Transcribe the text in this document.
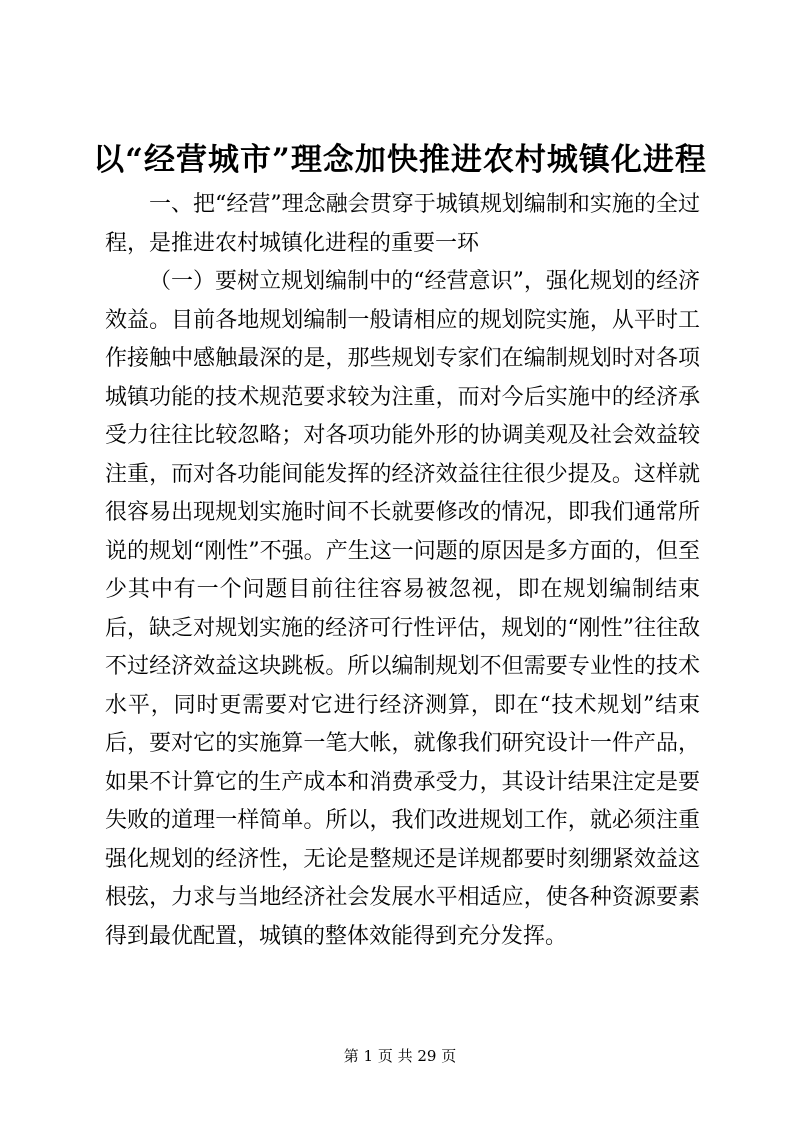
以“经营城市”理念加快推进农村城镇化进程

一、把“经营”理念融会贯穿于城镇规划编制和实施的全过程，是推进农村城镇化进程的重要一环

（一）要树立规划编制中的“经营意识”，强化规划的经济效益。目前各地规划编制一般请相应的规划院实施，从平时工作接触中感触最深的是，那些规划专家们在编制规划时对各项城镇功能的技术规范要求较为注重，而对今后实施中的经济承受力往往比较忽略；对各项功能外形的协调美观及社会效益较注重，而对各功能间能发挥的经济效益往往很少提及。这样就很容易出现规划实施时间不长就要修改的情况，即我们通常所说的规划“刚性”不强。产生这一问题的原因是多方面的，但至少其中有一个问题目前往往容易被忽视，即在规划编制结束后，缺乏对规划实施的经济可行性评估，规划的“刚性”往往敌不过经济效益这块跳板。所以编制规划不但需要专业性的技术水平，同时更需要对它进行经济测算，即在“技术规划”结束后，要对它的实施算一笔大帐，就像我们研究设计一件产品，如果不计算它的生产成本和消费承受力，其设计结果注定是要失败的道理一样简单。所以，我们改进规划工作，就必须注重强化规划的经济性，无论是整规还是详规都要时刻绷紧效益这根弦，力求与当地经济社会发展水平相适应，使各种资源要素得到最优配置，城镇的整体效能得到充分发挥。

第 1 页 共 29 页
